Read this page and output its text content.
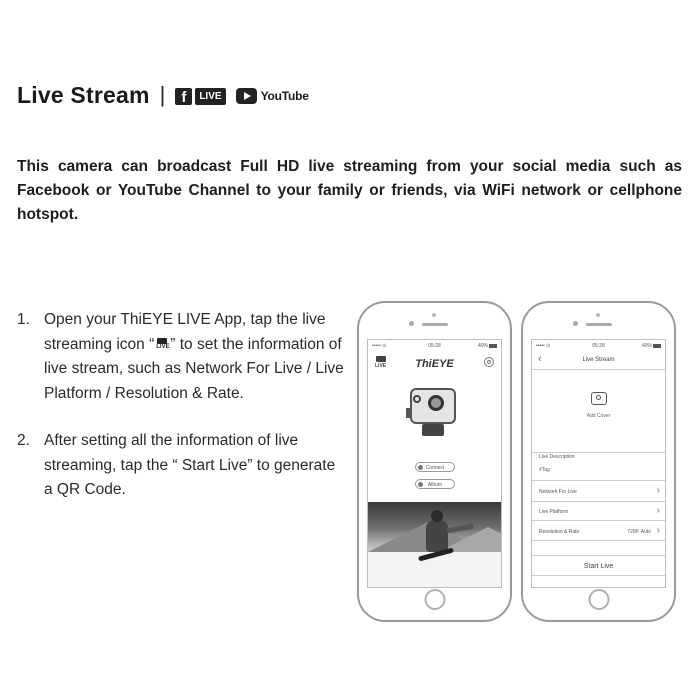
Live Stream |	f	LIVE	YouTube
This camera can broadcast Full HD live streaming from your social media such as Facebook or YouTube Channel to your family or friends, via WiFi network or cellphone hotspot.
1. Open your ThiEYE LIVE App, tap the live streaming icon “ LIVE ” to set the information of live stream, such as Network For Live / Live Platform / Resolution & Rate.
2. After setting all the information of live streaming, tap the “ Start Live” to generate a QR Code.
••••• ⊙	05:28	40%
LIVE	ThiEYE
Connect
Album
••••• ⊙	05:28	40%
‹	Live Stream
Add Cover
Live Description
#Tag
Network For Live	›
Live Platform	›
Resolution & Rate	720P, Auto ›
Start Live
